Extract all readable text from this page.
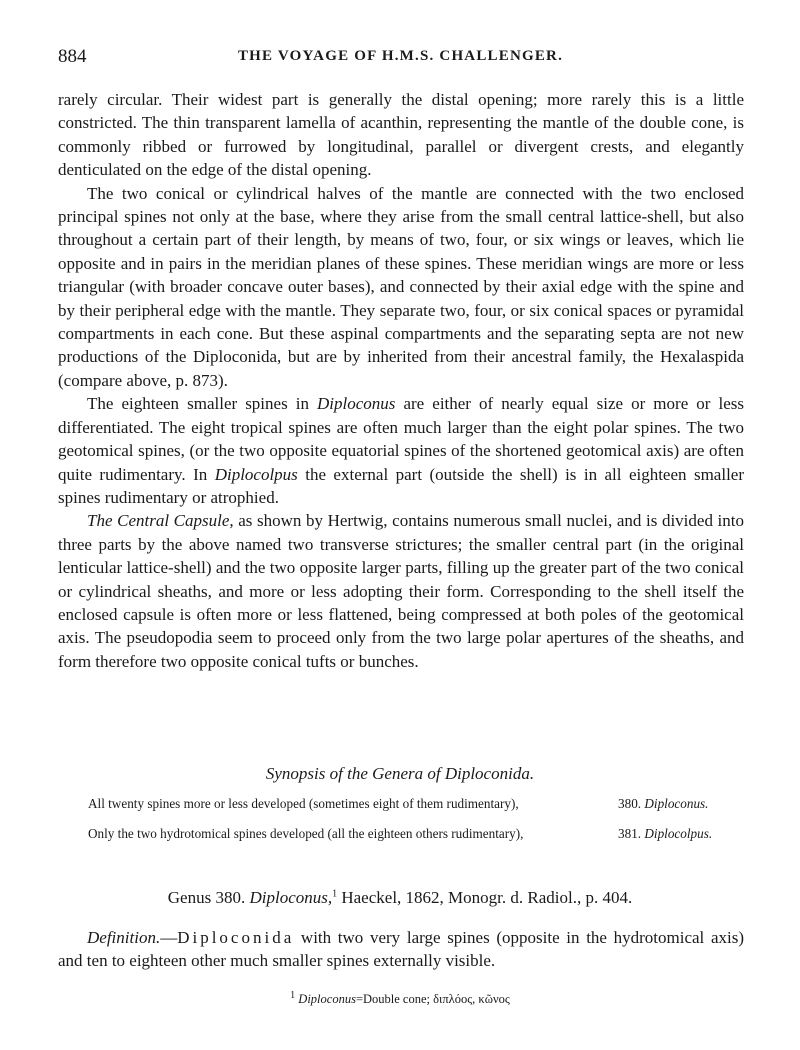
884	THE VOYAGE OF H.M.S. CHALLENGER.

rarely circular. Their widest part is generally the distal opening; more rarely this is a little constricted. The thin transparent lamella of acanthin, representing the mantle of the double cone, is commonly ribbed or furrowed by longitudinal, parallel or divergent crests, and elegantly denticulated on the edge of the distal opening.

The two conical or cylindrical halves of the mantle are connected with the two enclosed principal spines not only at the base, where they arise from the small central lattice-shell, but also throughout a certain part of their length, by means of two, four, or six wings or leaves, which lie opposite and in pairs in the meridian planes of these spines. These meridian wings are more or less triangular (with broader concave outer bases), and connected by their axial edge with the spine and by their peripheral edge with the mantle. They separate two, four, or six conical spaces or pyramidal compartments in each cone. But these aspinal compartments and the separating septa are not new productions of the Diploconida, but are by inherited from their ancestral family, the Hexalaspida (compare above, p. 873).

The eighteen smaller spines in Diploconus are either of nearly equal size or more or less differentiated. The eight tropical spines are often much larger than the eight polar spines. The two geotomical spines, (or the two opposite equatorial spines of the shortened geotomical axis) are often quite rudimentary. In Diplocolpus the external part (outside the shell) is in all eighteen smaller spines rudimentary or atrophied.

The Central Capsule, as shown by Hertwig, contains numerous small nuclei, and is divided into three parts by the above named two transverse strictures; the smaller central part (in the original lenticular lattice-shell) and the two opposite larger parts, filling up the greater part of the two conical or cylindrical sheaths, and more or less adopting their form. Corresponding to the shell itself the enclosed capsule is often more or less flattened, being compressed at both poles of the geotomical axis. The pseudopodia seem to proceed only from the two large polar apertures of the sheaths, and form therefore two opposite conical tufts or bunches.

Synopsis of the Genera of Diploconida.
All twenty spines more or less developed (sometimes eight of them rudimentary),	380. Diploconus.
Only the two hydrotomical spines developed (all the eighteen others rudimentary),	381. Diplocolpus.
Genus 380. Diploconus,$^1$ Haeckel, 1862, Monogr. d. Radiol., p. 404.

Definition.—Diploconida with two very large spines (opposite in the hydrotomical axis) and ten to eighteen other much smaller spines externally visible.

$^1$ Diploconus=Double cone; διπλόος, κῶνος
